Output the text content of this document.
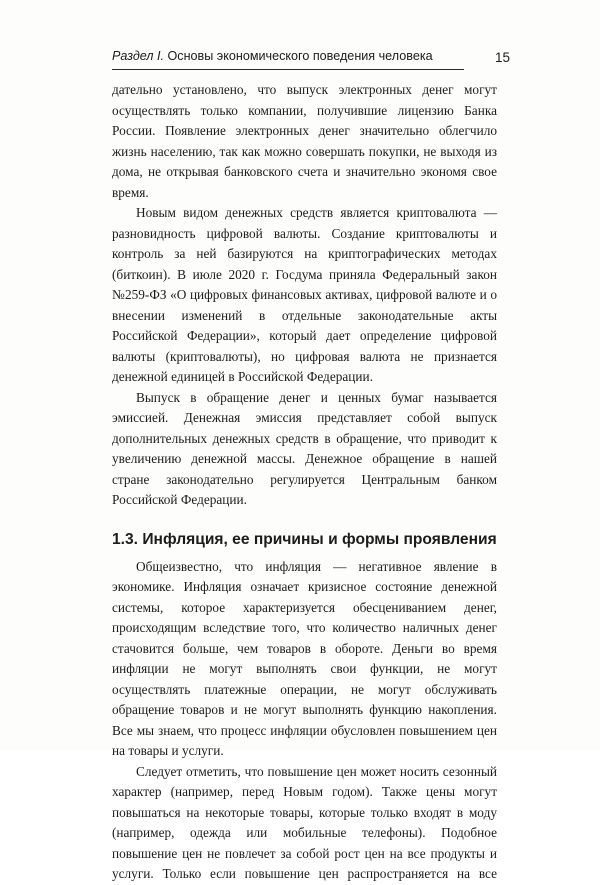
Раздел I. Основы экономического поведения человека	15

дательно установлено, что выпуск электронных денег могут осуществлять только компании, получившие лицензию Банка России. Появление электронных денег значительно облегчило жизнь населению, так как можно совершать покупки, не выходя из дома, не открывая банковского счета и значительно экономя свое время.

Новым видом денежных средств является криптовалюта — разновидность цифровой валюты. Создание криптовалюты и контроль за ней базируются на криптографических методах (биткоин). В июле 2020 г. Госдума приняла Федеральный закон №259-ФЗ «О цифровых финансовых активах, цифровой валюте и о внесении изменений в отдельные законодательные акты Российской Федерации», который дает определение цифровой валюты (криптовалюты), но цифровая валюта не признается денежной единицей в Российской Федерации.

Выпуск в обращение денег и ценных бумаг называется эмиссией. Денежная эмиссия представляет собой выпуск дополнительных денежных средств в обращение, что приводит к увеличению денежной массы. Денежное обращение в нашей стране законодательно регулируется Центральным банком Российской Федерации.

1.3. Инфляция, ее причины и формы проявления

Общеизвестно, что инфляция — негативное явление в экономике. Инфляция означает кризисное состояние денежной системы, которое характеризуется обесцениванием денег, происходящим вследствие того, что количество наличных денег стачовится больше, чем товаров в обороте. Деньги во время инфляции не могут выполнять свои функции, не могут осуществлять платежные операции, не могут обслуживать обращение товаров и не могут выполнять функцию накопления. Все мы знаем, что процесс инфляции обусловлен повышением цен на товары и услуги.

Следует отметить, что повышение цен может носить сезонный характер (например, перед Новым годом). Также цены могут повышаться на некоторые товары, которые только входят в моду (например, одежда или мобильные телефоны). Подобное повышение цен не повлечет за собой рост цен на все продукты и услуги. Только если повышение цен распространяется на все
